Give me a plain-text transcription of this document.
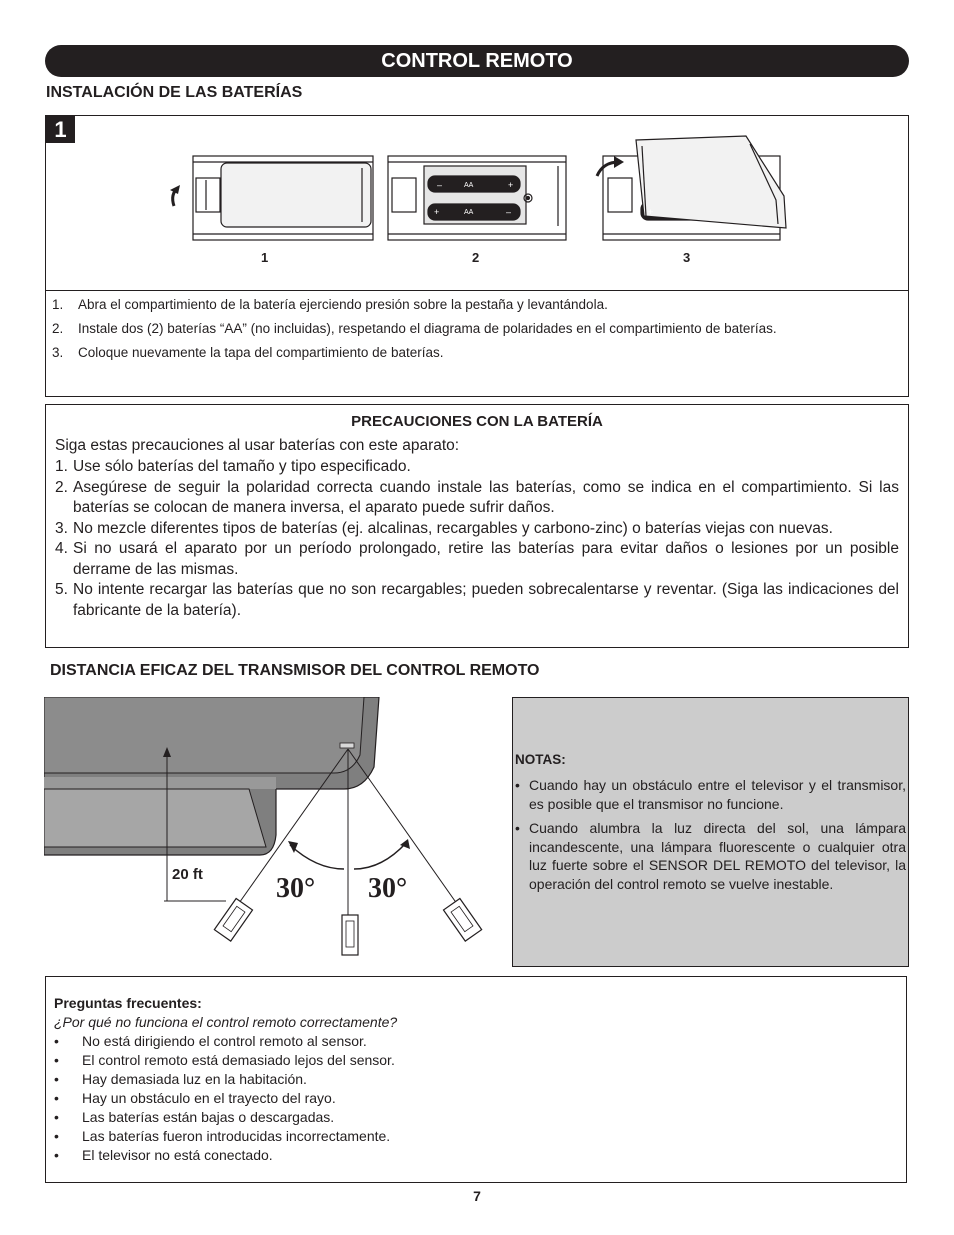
CONTROL REMOTO
INSTALACIÓN DE LAS BATERÍAS
1
–	+
AA
+	–
AA	+
1	2	3
1.	Abra el compartimiento de la batería ejerciendo presión sobre la pestaña y levantándola.
2.	Instale dos (2) baterías “AA” (no incluidas), respetando el diagrama de polaridades en el compartimiento de baterías.
3.	Coloque nuevamente la tapa del compartimiento de baterías.
PRECAUCIONES CON LA BATERÍA
Siga estas precauciones al usar baterías con este aparato:
1. Use sólo baterías del tamaño y tipo especificado.
2. Asegúrese de seguir la polaridad correcta cuando instale las baterías, como se indica en el compartimiento. Si las baterías se colocan de manera inversa, el aparato puede sufrir daños.
3. No mezcle diferentes tipos de baterías (ej. alcalinas, recargables y carbono-zinc) o baterías viejas con nuevas.
4. Si no usará el aparato por un período prolongado, retire las baterías para evitar daños o lesiones por un posible derrame de las mismas.
5. No intente recargar las baterías que no son recargables; pueden sobrecalentarse y reventar. (Siga las indicaciones del fabricante de la batería).
DISTANCIA EFICAZ DEL TRANSMISOR DEL CONTROL REMOTO
20 ft	30° 30°
NOTAS:
• Cuando hay un obstáculo entre el televisor y el transmisor, es posible que el transmisor no funcione.
• Cuando alumbra la luz directa del sol, una lámpara incandescente, una lámpara fluorescente o cualquier otra luz fuerte sobre el SENSOR DEL REMOTO del televisor, la operación del control remoto se vuelve inestable.
Preguntas frecuentes:
¿Por qué no funciona el control remoto correctamente?
•	No está dirigiendo el control remoto al sensor.
•	El control remoto está demasiado lejos del sensor.
•	Hay demasiada luz en la habitación.
•	Hay un obstáculo en el trayecto del rayo.
•	Las baterías están bajas o descargadas.
•	Las baterías fueron introducidas incorrectamente.
•	El televisor no está conectado.
7
